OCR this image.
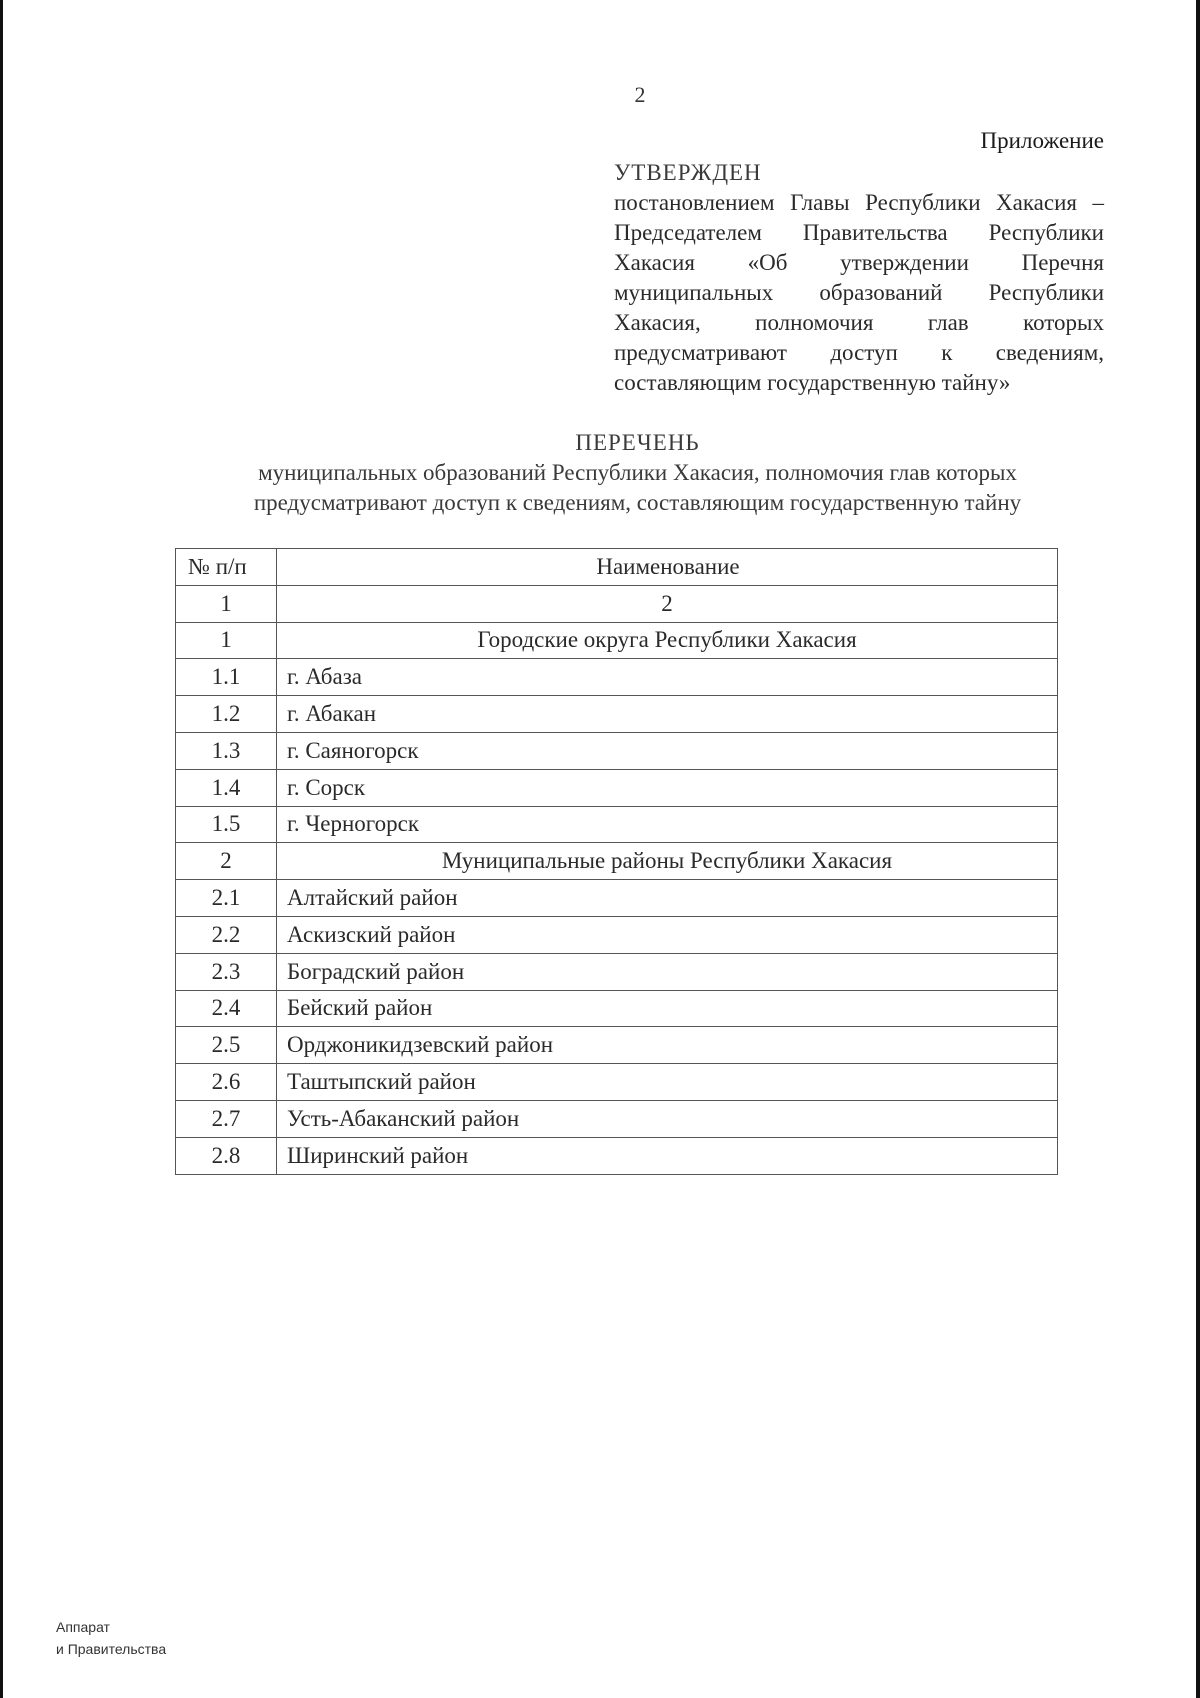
2
Приложение
УТВЕРЖДЕН
постановлением Главы Республики Хакасия – Председателем Правительства Республики Хакасия «Об утверждении Перечня муниципальных образований Республики Хакасия, полномочия глав которых предусматривают доступ к сведениям, составляющим государственную тайну»
ПЕРЕЧЕНЬ
муниципальных образований Республики Хакасия, полномочия глав которых предусматривают доступ к сведениям, составляющим государственную тайну
№ п/п	Наименование
1	2
1	Городские округа Республики Хакасия
1.1	г. Абаза
1.2	г. Абакан
1.3	г. Саяногорск
1.4	г. Сорск
1.5	г. Черногорск
2	Муниципальные районы Республики Хакасия
2.1	Алтайский район
2.2	Аскизский район
2.3	Боградский район
2.4	Бейский район
2.5	Орджоникидзевский район
2.6	Таштыпский район
2.7	Усть-Абаканский район
2.8	Ширинский район
Аппарат
и Правительства
